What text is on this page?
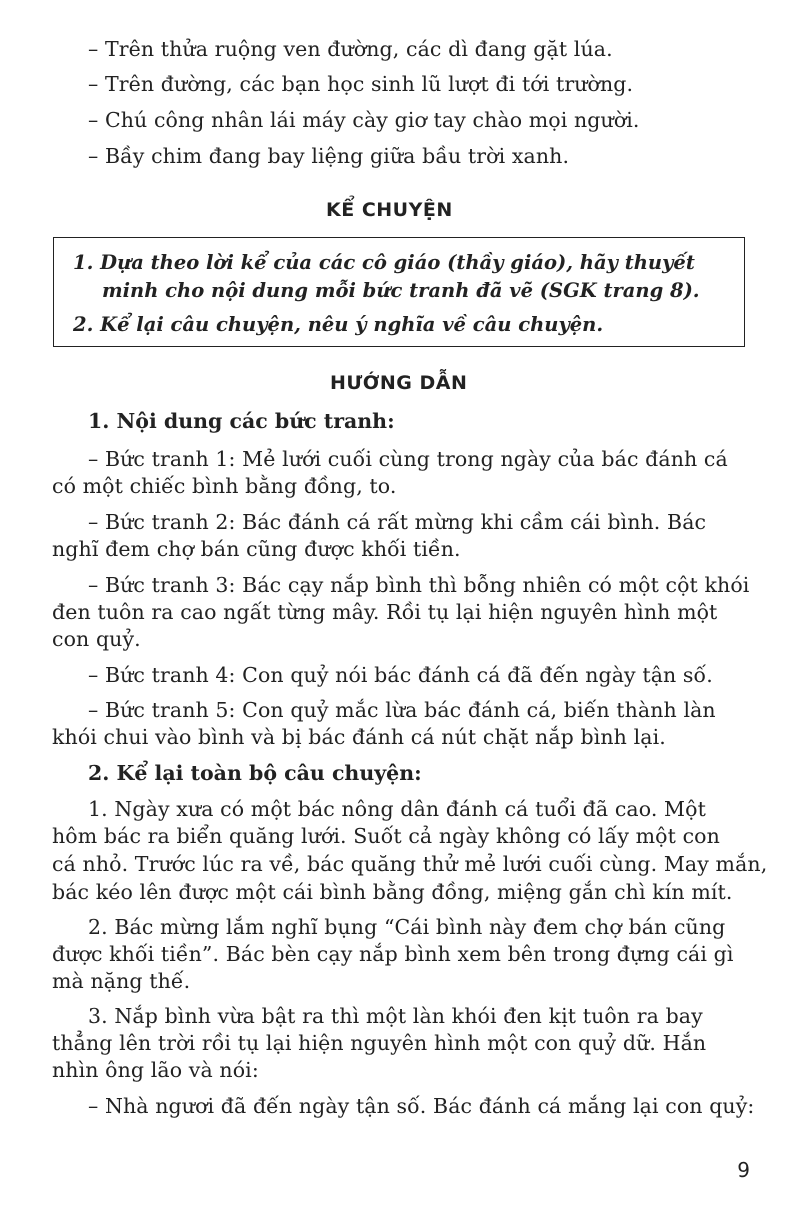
– Trên thửa ruộng ven đường, các dì đang gặt lúa.
– Trên đường, các bạn học sinh lũ lượt đi tới trường.
– Chú công nhân lái máy cày giơ tay chào mọi người.
– Bầy chim đang bay liệng giữa bầu trời xanh.
KỂ CHUYỆN
1. Dựa theo lời kể của các cô giáo (thầy giáo), hãy thuyết
minh cho nội dung mỗi bức tranh đã vẽ (SGK trang 8).
2. Kể lại câu chuyện, nêu ý nghĩa về câu chuyện.
HƯỚNG DẪN
1. Nội dung các bức tranh:
– Bức tranh 1: Mẻ lưới cuối cùng trong ngày của bác đánh cá
có một chiếc bình bằng đồng, to.
– Bức tranh 2: Bác đánh cá rất mừng khi cầm cái bình. Bác
nghĩ đem chợ bán cũng được khối tiền.
– Bức tranh 3: Bác cạy nắp bình thì bỗng nhiên có một cột khói
đen tuôn ra cao ngất từng mây. Rồi tụ lại hiện nguyên hình một
con quỷ.
– Bức tranh 4: Con quỷ nói bác đánh cá đã đến ngày tận số.
– Bức tranh 5: Con quỷ mắc lừa bác đánh cá, biến thành làn
khói chui vào bình và bị bác đánh cá nút chặt nắp bình lại.
2. Kể lại toàn bộ câu chuyện:
1. Ngày xưa có một bác nông dân đánh cá tuổi đã cao. Một
hôm bác ra biển quăng lưới. Suốt cả ngày không có lấy một con
cá nhỏ. Trước lúc ra về, bác quăng thử mẻ lưới cuối cùng. May mắn,
bác kéo lên được một cái bình bằng đồng, miệng gắn chì kín mít.
2. Bác mừng lắm nghĩ bụng “Cái bình này đem chợ bán cũng
được khối tiền”. Bác bèn cạy nắp bình xem bên trong đựng cái gì
mà nặng thế.
3. Nắp bình vừa bật ra thì một làn khói đen kịt tuôn ra bay
thẳng lên trời rồi tụ lại hiện nguyên hình một con quỷ dữ. Hắn
nhìn ông lão và nói:
– Nhà ngươi đã đến ngày tận số. Bác đánh cá mắng lại con quỷ:
9
